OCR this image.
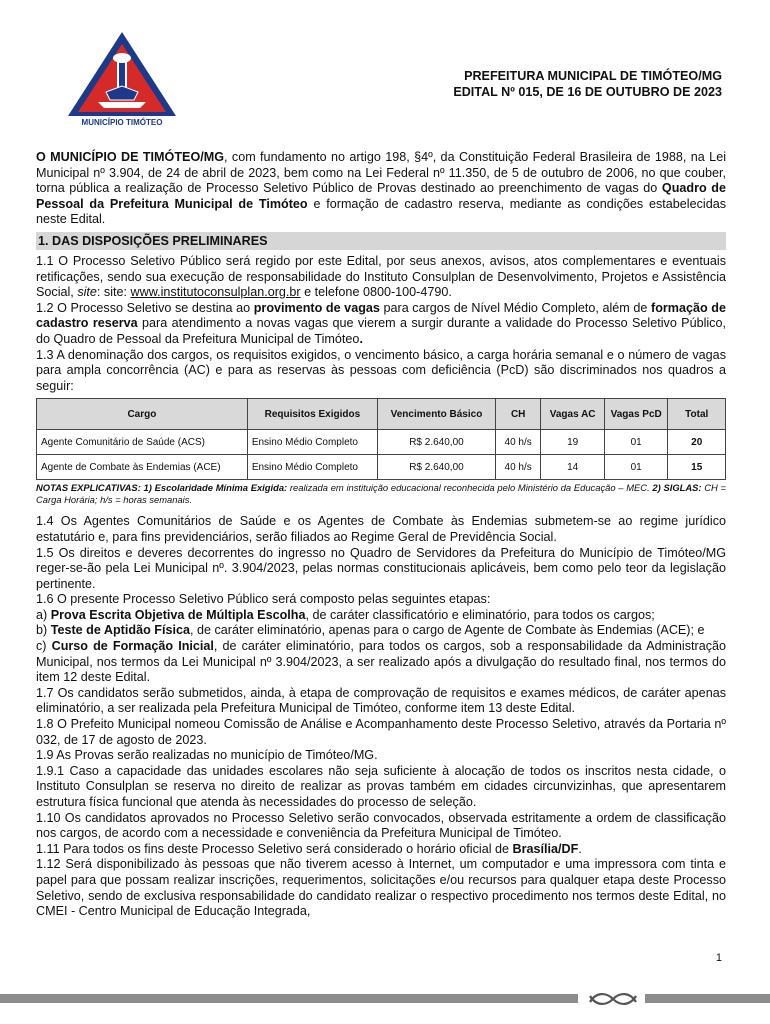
MUNICÍPIO TIMÓTEO
PREFEITURA MUNICIPAL DE TIMÓTEO/MG
EDITAL Nº 015, DE 16 DE OUTUBRO DE 2023

O MUNICÍPIO DE TIMÓTEO/MG, com fundamento no artigo 198, §4º, da Constituição Federal Brasileira de 1988, na Lei Municipal nº 3.904, de 24 de abril de 2023, bem como na Lei Federal nº 11.350, de 5 de outubro de 2006, no que couber, torna pública a realização de Processo Seletivo Público de Provas destinado ao preenchimento de vagas do Quadro de Pessoal da Prefeitura Municipal de Timóteo e formação de cadastro reserva, mediante as condições estabelecidas neste Edital.

1. DAS DISPOSIÇÕES PRELIMINARES

1.1 O Processo Seletivo Público será regido por este Edital, por seus anexos, avisos, atos complementares e eventuais retificações, sendo sua execução de responsabilidade do Instituto Consulplan de Desenvolvimento, Projetos e Assistência Social, site: site: www.institutoconsulplan.org.br e telefone 0800-100-4790.

1.2 O Processo Seletivo se destina ao provimento de vagas para cargos de Nível Médio Completo, além de formação de cadastro reserva para atendimento a novas vagas que vierem a surgir durante a validade do Processo Seletivo Público, do Quadro de Pessoal da Prefeitura Municipal de Timóteo.

1.3 A denominação dos cargos, os requisitos exigidos, o vencimento básico, a carga horária semanal e o número de vagas para ampla concorrência (AC) e para as reservas às pessoas com deficiência (PcD) são discriminados nos quadros a seguir:

Cargo	Requisitos Exigidos	Vencimento Básico	CH	Vagas AC	Vagas PcD	Total
Agente Comunitário de Saúde (ACS)	Ensino Médio Completo	R$ 2.640,00	40 h/s	19	01	20
Agente de Combate às Endemias (ACE)	Ensino Médio Completo	R$ 2.640,00	40 h/s	14	01	15
NOTAS EXPLICATIVAS: 1) Escolaridade Mínima Exigida: realizada em instituição educacional reconhecida pelo Ministério da Educação – MEC. 2) SIGLAS: CH = Carga Horária; h/s = horas semanais.

1.4 Os Agentes Comunitários de Saúde e os Agentes de Combate às Endemias submetem-se ao regime jurídico estatutário e, para fins previdenciários, serão filiados ao Regime Geral de Previdência Social.

1.5 Os direitos e deveres decorrentes do ingresso no Quadro de Servidores da Prefeitura do Município de Timóteo/MG reger-se-ão pela Lei Municipal nº. 3.904/2023, pelas normas constitucionais aplicáveis, bem como pelo teor da legislação pertinente.

1.6 O presente Processo Seletivo Público será composto pelas seguintes etapas:

a) Prova Escrita Objetiva de Múltipla Escolha, de caráter classificatório e eliminatório, para todos os cargos;

b) Teste de Aptidão Física, de caráter eliminatório, apenas para o cargo de Agente de Combate às Endemias (ACE); e

c) Curso de Formação Inicial, de caráter eliminatório, para todos os cargos, sob a responsabilidade da Administração Municipal, nos termos da Lei Municipal nº 3.904/2023, a ser realizado após a divulgação do resultado final, nos termos do item 12 deste Edital.

1.7 Os candidatos serão submetidos, ainda, à etapa de comprovação de requisitos e exames médicos, de caráter apenas eliminatório, a ser realizada pela Prefeitura Municipal de Timóteo, conforme item 13 deste Edital.

1.8 O Prefeito Municipal nomeou Comissão de Análise e Acompanhamento deste Processo Seletivo, através da Portaria nº 032, de 17 de agosto de 2023.

1.9 As Provas serão realizadas no município de Timóteo/MG.

1.9.1 Caso a capacidade das unidades escolares não seja suficiente à alocação de todos os inscritos nesta cidade, o Instituto Consulplan se reserva no direito de realizar as provas também em cidades circunvizinhas, que apresentarem estrutura física funcional que atenda às necessidades do processo de seleção.

1.10 Os candidatos aprovados no Processo Seletivo serão convocados, observada estritamente a ordem de classificação nos cargos, de acordo com a necessidade e conveniência da Prefeitura Municipal de Timóteo.

1.11 Para todos os fins deste Processo Seletivo será considerado o horário oficial de Brasília/DF.

1.12 Será disponibilizado às pessoas que não tiverem acesso à Internet, um computador e uma impressora com tinta e papel para que possam realizar inscrições, requerimentos, solicitações e/ou recursos para qualquer etapa deste Processo Seletivo, sendo de exclusiva responsabilidade do candidato realizar o respectivo procedimento nos termos deste Edital, no CMEI - Centro Municipal de Educação Integrada,

1
